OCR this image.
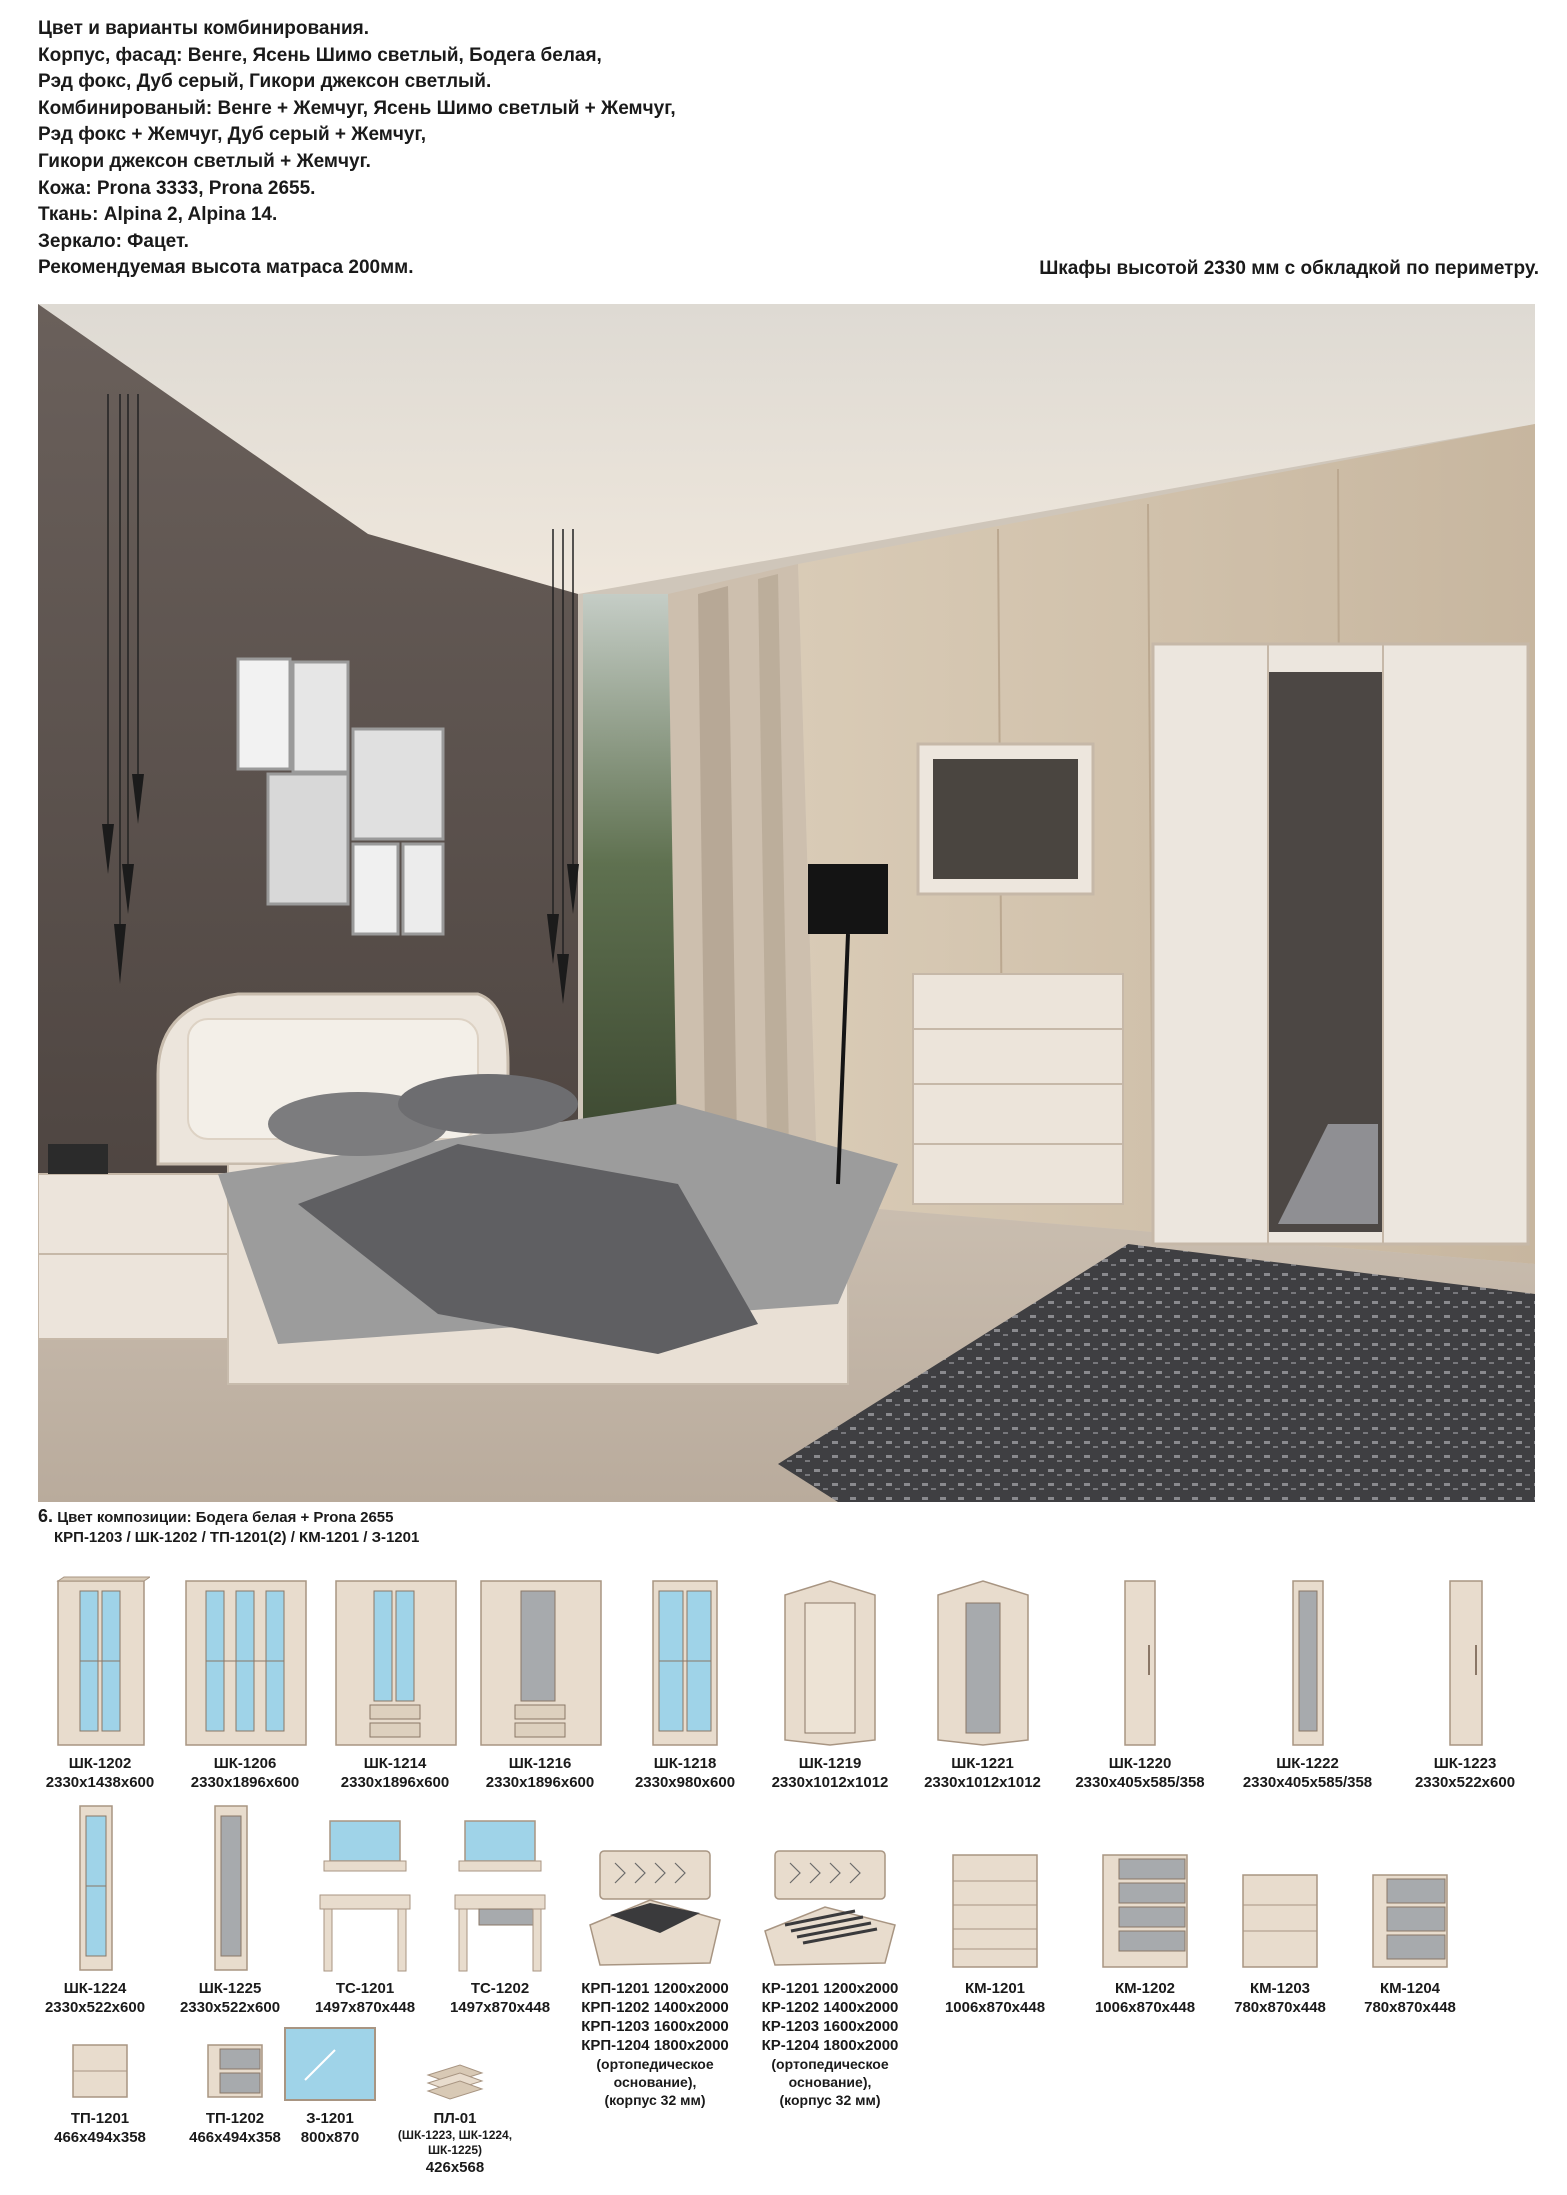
Цвет и варианты комбинирования.
Корпус, фасад: Венге, Ясень Шимо светлый, Бодега белая,
Рэд фокс, Дуб серый, Гикори джексон светлый.
Комбинированый: Венге + Жемчуг, Ясень Шимо светлый + Жемчуг,
Рэд фокс + Жемчуг, Дуб серый + Жемчуг,
Гикори джексон светлый + Жемчуг.
Кожа: Prona 3333, Prona 2655.
Ткань: Alpina 2, Alpina 14.
Зеркало: Фацет.
Рекомендуемая высота матраса 200мм.	Шкафы высотой 2330 мм с обкладкой по периметру.
6. Цвет композиции: Бодега белая + Prona 2655
КРП-1203 / ШК-1202 / ТП-1201(2) / КМ-1201 / З-1201
ШК-1202
2330x1438x600
ШК-1206
2330x1896x600
ШК-1214
2330x1896x600
ШК-1216
2330x1896x600
ШК-1218
2330x980x600
ШК-1219
2330x1012x1012
ШК-1221
2330x1012x1012
ШК-1220
2330x405x585/358
ШК-1222
2330x405x585/358
ШК-1223
2330x522x600
ШК-1224
2330x522x600
ШК-1225
2330x522x600
ТС-1201
1497x870x448
ТС-1202
1497x870x448
КРП-1201 1200x2000
КРП-1202 1400x2000
КРП-1203 1600x2000
КРП-1204 1800x2000
(ортопедическое
основание),
(корпус 32 мм)
КР-1201 1200x2000
КР-1202 1400x2000
КР-1203 1600x2000
КР-1204 1800x2000
(ортопедическое
основание),
(корпус 32 мм)
КМ-1201
1006x870x448
КМ-1202
1006x870x448
КМ-1203
780x870x448
КМ-1204
780x870x448
ТП-1201
466x494x358
ТП-1202
466x494x358
З-1201
800x870
ПЛ-01
(ШК-1223, ШК-1224,
ШК-1225)
426x568
